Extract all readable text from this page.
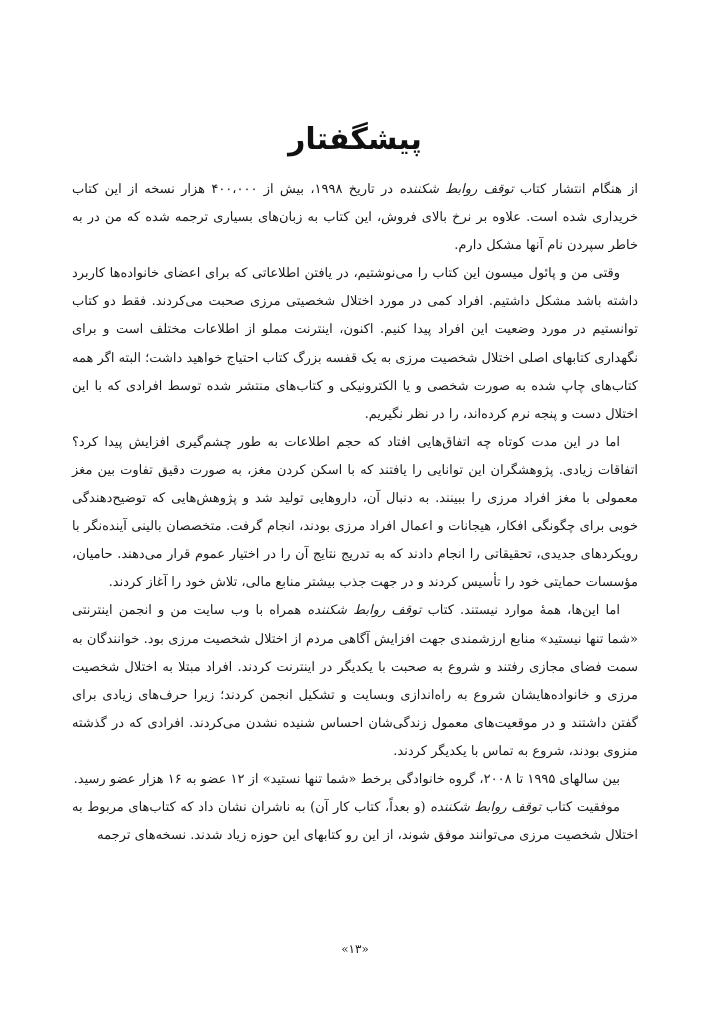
پیشگفتار

از هنگام انتشار کتاب توقف روابط شکننده در تاریخ ۱۹۹۸، بیش از ۴۰۰،۰۰۰ هزار نسخه از این کتاب خریداری شده است. علاوه بر نرخ بالای فروش، این کتاب به زبان‌های بسیاری ترجمه شده که من در به خاطر سپردن نام آنها مشکل دارم.

وقتی من و پائول میسون این کتاب را می‌نوشتیم، در یافتن اطلاعاتی که برای اعضای خانواده‌ها کاربرد داشته باشد مشکل داشتیم. افراد کمی در مورد اختلال شخصیتی مرزی صحبت می‌کردند. فقط دو کتاب توانستیم در مورد وضعیت این افراد پیدا کنیم. اکنون، اینترنت مملو از اطلاعات مختلف است و برای نگهداری کتابهای اصلی اختلال شخصیت مرزی به یک قفسه بزرگ کتاب احتیاج خواهید داشت؛ البته اگر همه کتاب‌های چاپ شده به صورت شخصی و یا الکترونیکی و کتاب‌های منتشر شده توسط افرادی که با این اختلال دست و پنجه نرم کرده‌اند، را در نظر نگیریم.

اما در این مدت کوتاه چه اتفاق‌هایی افتاد که حجم اطلاعات به طور چشم‌گیری افزایش پیدا کرد؟ اتفاقات زیادی. پژوهشگران این توانایی را یافتند که با اسکن کردن مغز، به صورت دقیق تفاوت بین مغز معمولی با مغز افراد مرزی را ببینند. به دنبال آن، داروهایی تولید شد و پژوهش‌هایی که توضیح‌دهندگی خوبی برای چگونگی افکار، هیجانات و اعمال افراد مرزی بودند، انجام گرفت. متخصصان بالینی آینده‌نگر با رویکردهای جدیدی، تحقیقاتی را انجام دادند که به تدریج نتایج آن را در اختیار عموم قرار می‌دهند. حامیان، مؤسسات حمایتی خود را تأسیس کردند و در جهت جذب بیشتر منابع مالی، تلاش خود را آغاز کردند.

اما این‌ها، همهٔ موارد نیستند. کتاب توقف روابط شکننده همراه با وب سایت من و انجمن اینترنتی «شما تنها نیستید» منابع ارزشمندی جهت افزایش آگاهی مردم از اختلال شخصیت مرزی بود. خوانندگان به سمت فضای مجازی رفتند و شروع به صحبت با یکدیگر در اینترنت کردند. افراد مبتلا به اختلال شخصیت مرزی و خانواده‌هایشان شروع به راه‌اندازی وبسایت و تشکیل انجمن کردند؛ زیرا حرف‌های زیادی برای گفتن داشتند و در موقعیت‌های معمول زندگی‌شان احساس شنیده نشدن می‌کردند. افرادی که در گذشته منزوی بودند، شروع به تماس با یکدیگر کردند.

بین سالهای ۱۹۹۵ تا ۲۰۰۸، گروه خانوادگی برخط «شما تنها نستید» از ۱۲ عضو به ۱۶ هزار عضو رسید.

موفقیت کتاب توقف روابط شکننده (و بعداً، کتاب کار آن) به ناشران نشان داد که کتاب‌های مربوط به اختلال شخصیت مرزی می‌توانند موفق شوند، از این رو کتابهای این حوزه زیاد شدند. نسخه‌های ترجمه

«۱۳»
